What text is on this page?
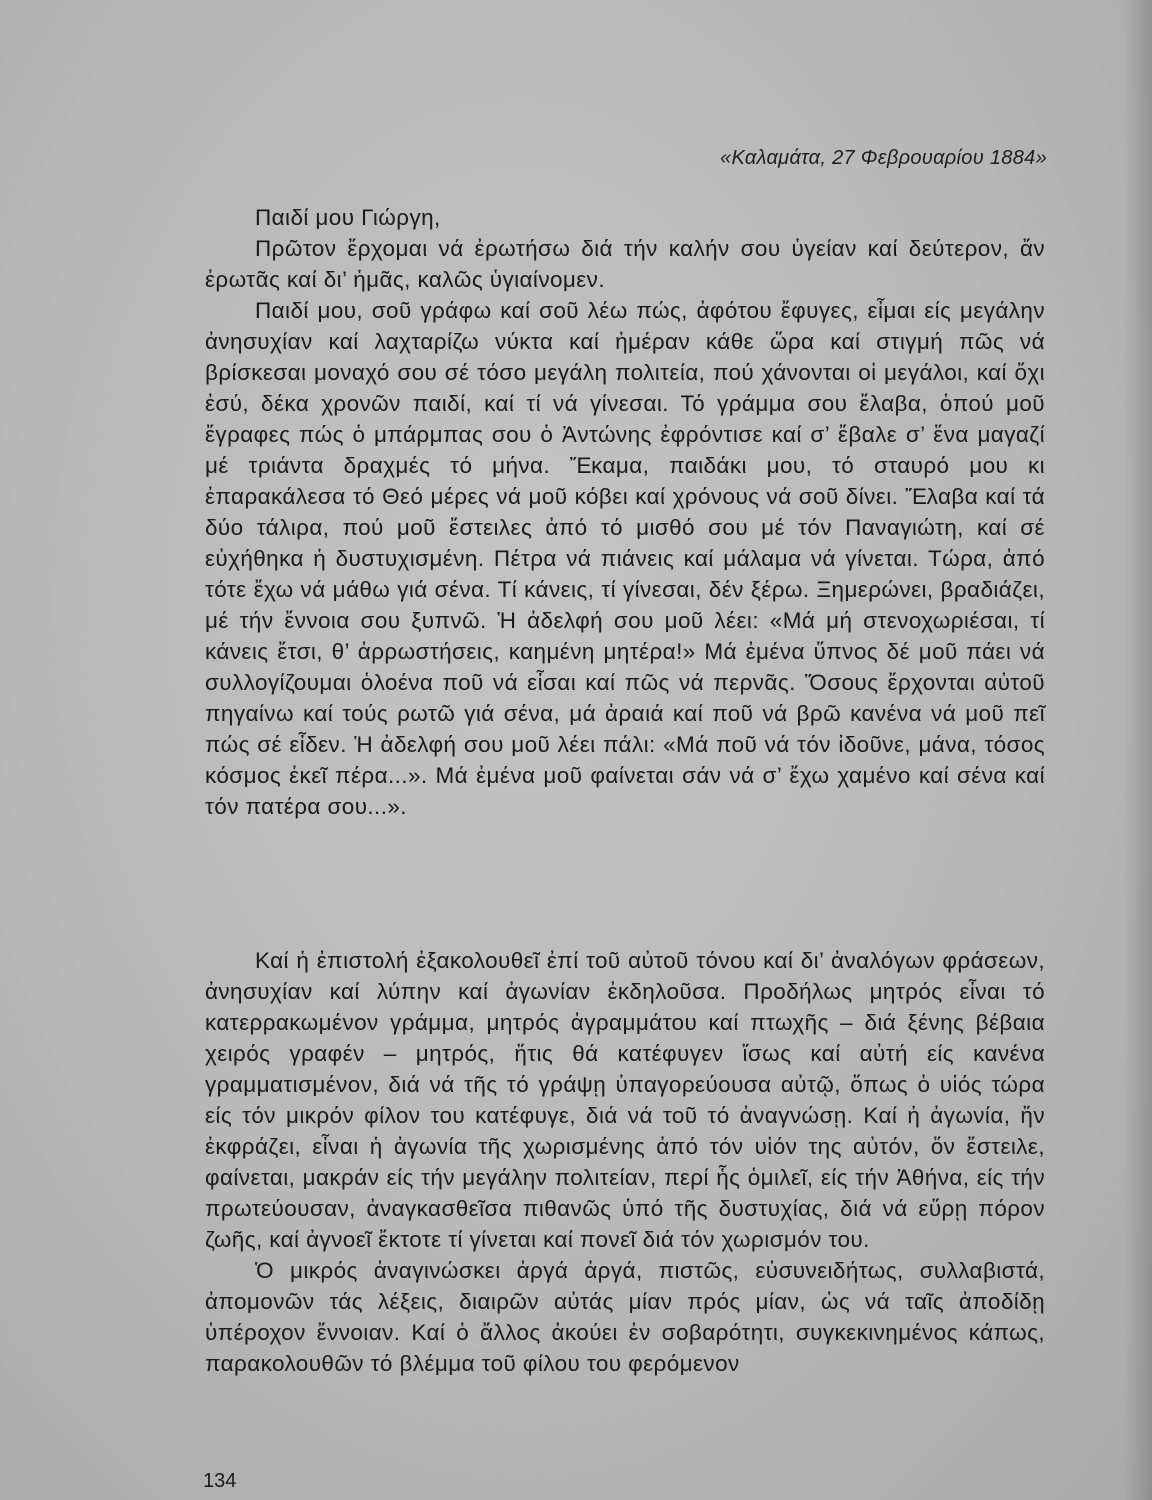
«Καλαμάτα, 27 Φεβρουαρίου 1884»

Παιδί μου Γιώργη,

Πρῶτον ἔρχομαι νά ἐρωτήσω διά τήν καλήν σου ὑγείαν καί δεύτερον, ἄν ἐρωτᾶς καί δι’ ἡμᾶς, καλῶς ὑγιαίνομεν.

Παιδί μου, σοῦ γράφω καί σοῦ λέω πώς, ἀφότου ἔφυγες, εἶμαι είς μεγάλην ἀνησυχίαν καί λαχταρίζω νύκτα καί ἡμέραν κάθε ὥρα καί στιγμή πῶς νά βρίσκεσαι μοναχό σου σέ τόσο μεγάλη πολιτεία, πού χάνονται οἱ μεγάλοι, καί ὄχι ἐσύ, δέκα χρονῶν παιδί, καί τί νά γίνεσαι. Τό γράμμα σου ἔλαβα, ὁπού μοῦ ἔγραφες πώς ὁ μπάρμπας σου ὁ Ἀντώνης ἐφρόντισε καί σ’ ἔβαλε σ’ ἕνα μαγαζί μέ τριάντα δραχμές τό μήνα. Ἔκαμα, παιδάκι μου, τό σταυρό μου κι ἐπαρακάλεσα τό Θεό μέρες νά μοῦ κόβει καί χρόνους νά σοῦ δίνει. Ἔλαβα καί τά δύο τάλιρα, πού μοῦ ἔστειλες ἀπό τό μισθό σου μέ τόν Παναγιώτη, καί σέ εὐχήθηκα ἡ δυστυχισμένη. Πέτρα νά πιάνεις καί μάλαμα νά γίνεται. Τώρα, ἀπό τότε ἔχω νά μάθω γιά σένα. Τί κάνεις, τί γίνεσαι, δέν ξέρω. Ξημερώνει, βραδιάζει, μέ τήν ἔννοια σου ξυπνῶ. Ἡ ἀδελφή σου μοῦ λέει: «Μά μή στενοχωριέσαι, τί κάνεις ἔτσι, θ’ ἀρρωστήσεις, καημένη μητέρα!» Μά ἐμένα ὕπνος δέ μοῦ πάει νά συλλογίζουμαι ὁλοένα ποῦ νά εἶσαι καί πῶς νά περνᾶς. Ὅσους ἔρχονται αὐτοῦ πηγαίνω καί τούς ρωτῶ γιά σένα, μά ἀραιά καί ποῦ νά βρῶ κανένα νά μοῦ πεῖ πώς σέ εἶδεν. Ἡ ἀδελφή σου μοῦ λέει πάλι: «Μά ποῦ νά τόν ἰδοῦνε, μάνα, τόσος κόσμος ἐκεῖ πέρα...». Μά ἐμένα μοῦ φαίνεται σάν νά σ’ ἔχω χαμένο καί σένα καί τόν πατέρα σου...».

Καί ἡ ἐπιστολή ἐξακολουθεῖ ἐπί τοῦ αὐτοῦ τόνου καί δι’ ἀναλόγων φράσεων, ἀνησυχίαν καί λύπην καί ἀγωνίαν ἐκδηλοῦσα. Προδήλως μητρός εἶναι τό κατερρακωμένον γράμμα, μητρός ἀγραμμάτου καί πτωχῆς – διά ξένης βέβαια χειρός γραφέν – μητρός, ἥτις θά κατέφυγεν ἴσως καί αὐτή είς κανένα γραμματισμένον, διά νά τῆς τό γράψῃ ὑπαγορεύουσα αὐτῷ, ὅπως ὁ υἱός τώρα είς τόν μικρόν φίλον του κατέφυγε, διά νά τοῦ τό ἀναγνώσῃ. Καί ἡ ἀγωνία, ἥν ἐκφράζει, εἶναι ἡ ἀγωνία τῆς χωρισμένης ἀπό τόν υἱόν της αὐτόν, ὅν ἔστειλε, φαίνεται, μακράν είς τήν μεγάλην πολιτείαν, περί ἧς ὁμιλεῖ, είς τήν Ἀθήνα, είς τήν πρωτεύουσαν, ἀναγκασθεῖσα πιθανῶς ὑπό τῆς δυστυχίας, διά νά εὕρῃ πόρον ζωῆς, καί ἀγνοεῖ ἔκτοτε τί γίνεται καί πονεῖ διά τόν χωρισμόν του.

Ὁ μικρός ἀναγινώσκει ἀργά ἀργά, πιστῶς, εὐσυνειδήτως, συλλαβιστά, ἀπομονῶν τάς λέξεις, διαιρῶν αὐτάς μίαν πρός μίαν, ὡς νά ταῖς ἀποδίδῃ ὑπέροχον ἔννοιαν. Καί ὁ ἄλλος ἀκούει ἐν σοβαρότητι, συγκεκινημένος κάπως, παρακολουθῶν τό βλέμμα τοῦ φίλου του φερόμενον

134
